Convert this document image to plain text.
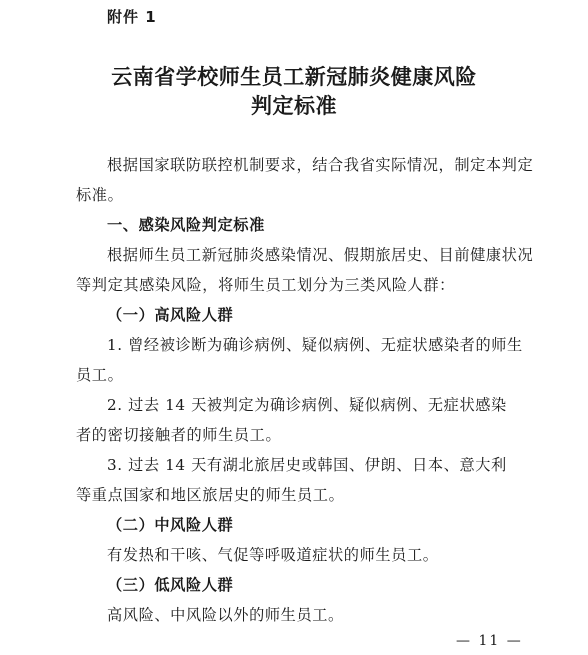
附件 1
云南省学校师生员工新冠肺炎健康风险
判定标准
根据国家联防联控机制要求，结合我省实际情况，制定本判定
标准。
一、感染风险判定标准
根据师生员工新冠肺炎感染情况、假期旅居史、目前健康状况
等判定其感染风险，将师生员工划分为三类风险人群：
（一）高风险人群
1. 曾经被诊断为确诊病例、疑似病例、无症状感染者的师生
员工。
2. 过去 14 天被判定为确诊病例、疑似病例、无症状感染
者的密切接触者的师生员工。
3. 过去 14 天有湖北旅居史或韩国、伊朗、日本、意大利
等重点国家和地区旅居史的师生员工。
（二）中风险人群
有发热和干咳、气促等呼吸道症状的师生员工。
（三）低风险人群
高风险、中风险以外的师生员工。
— 11 —
